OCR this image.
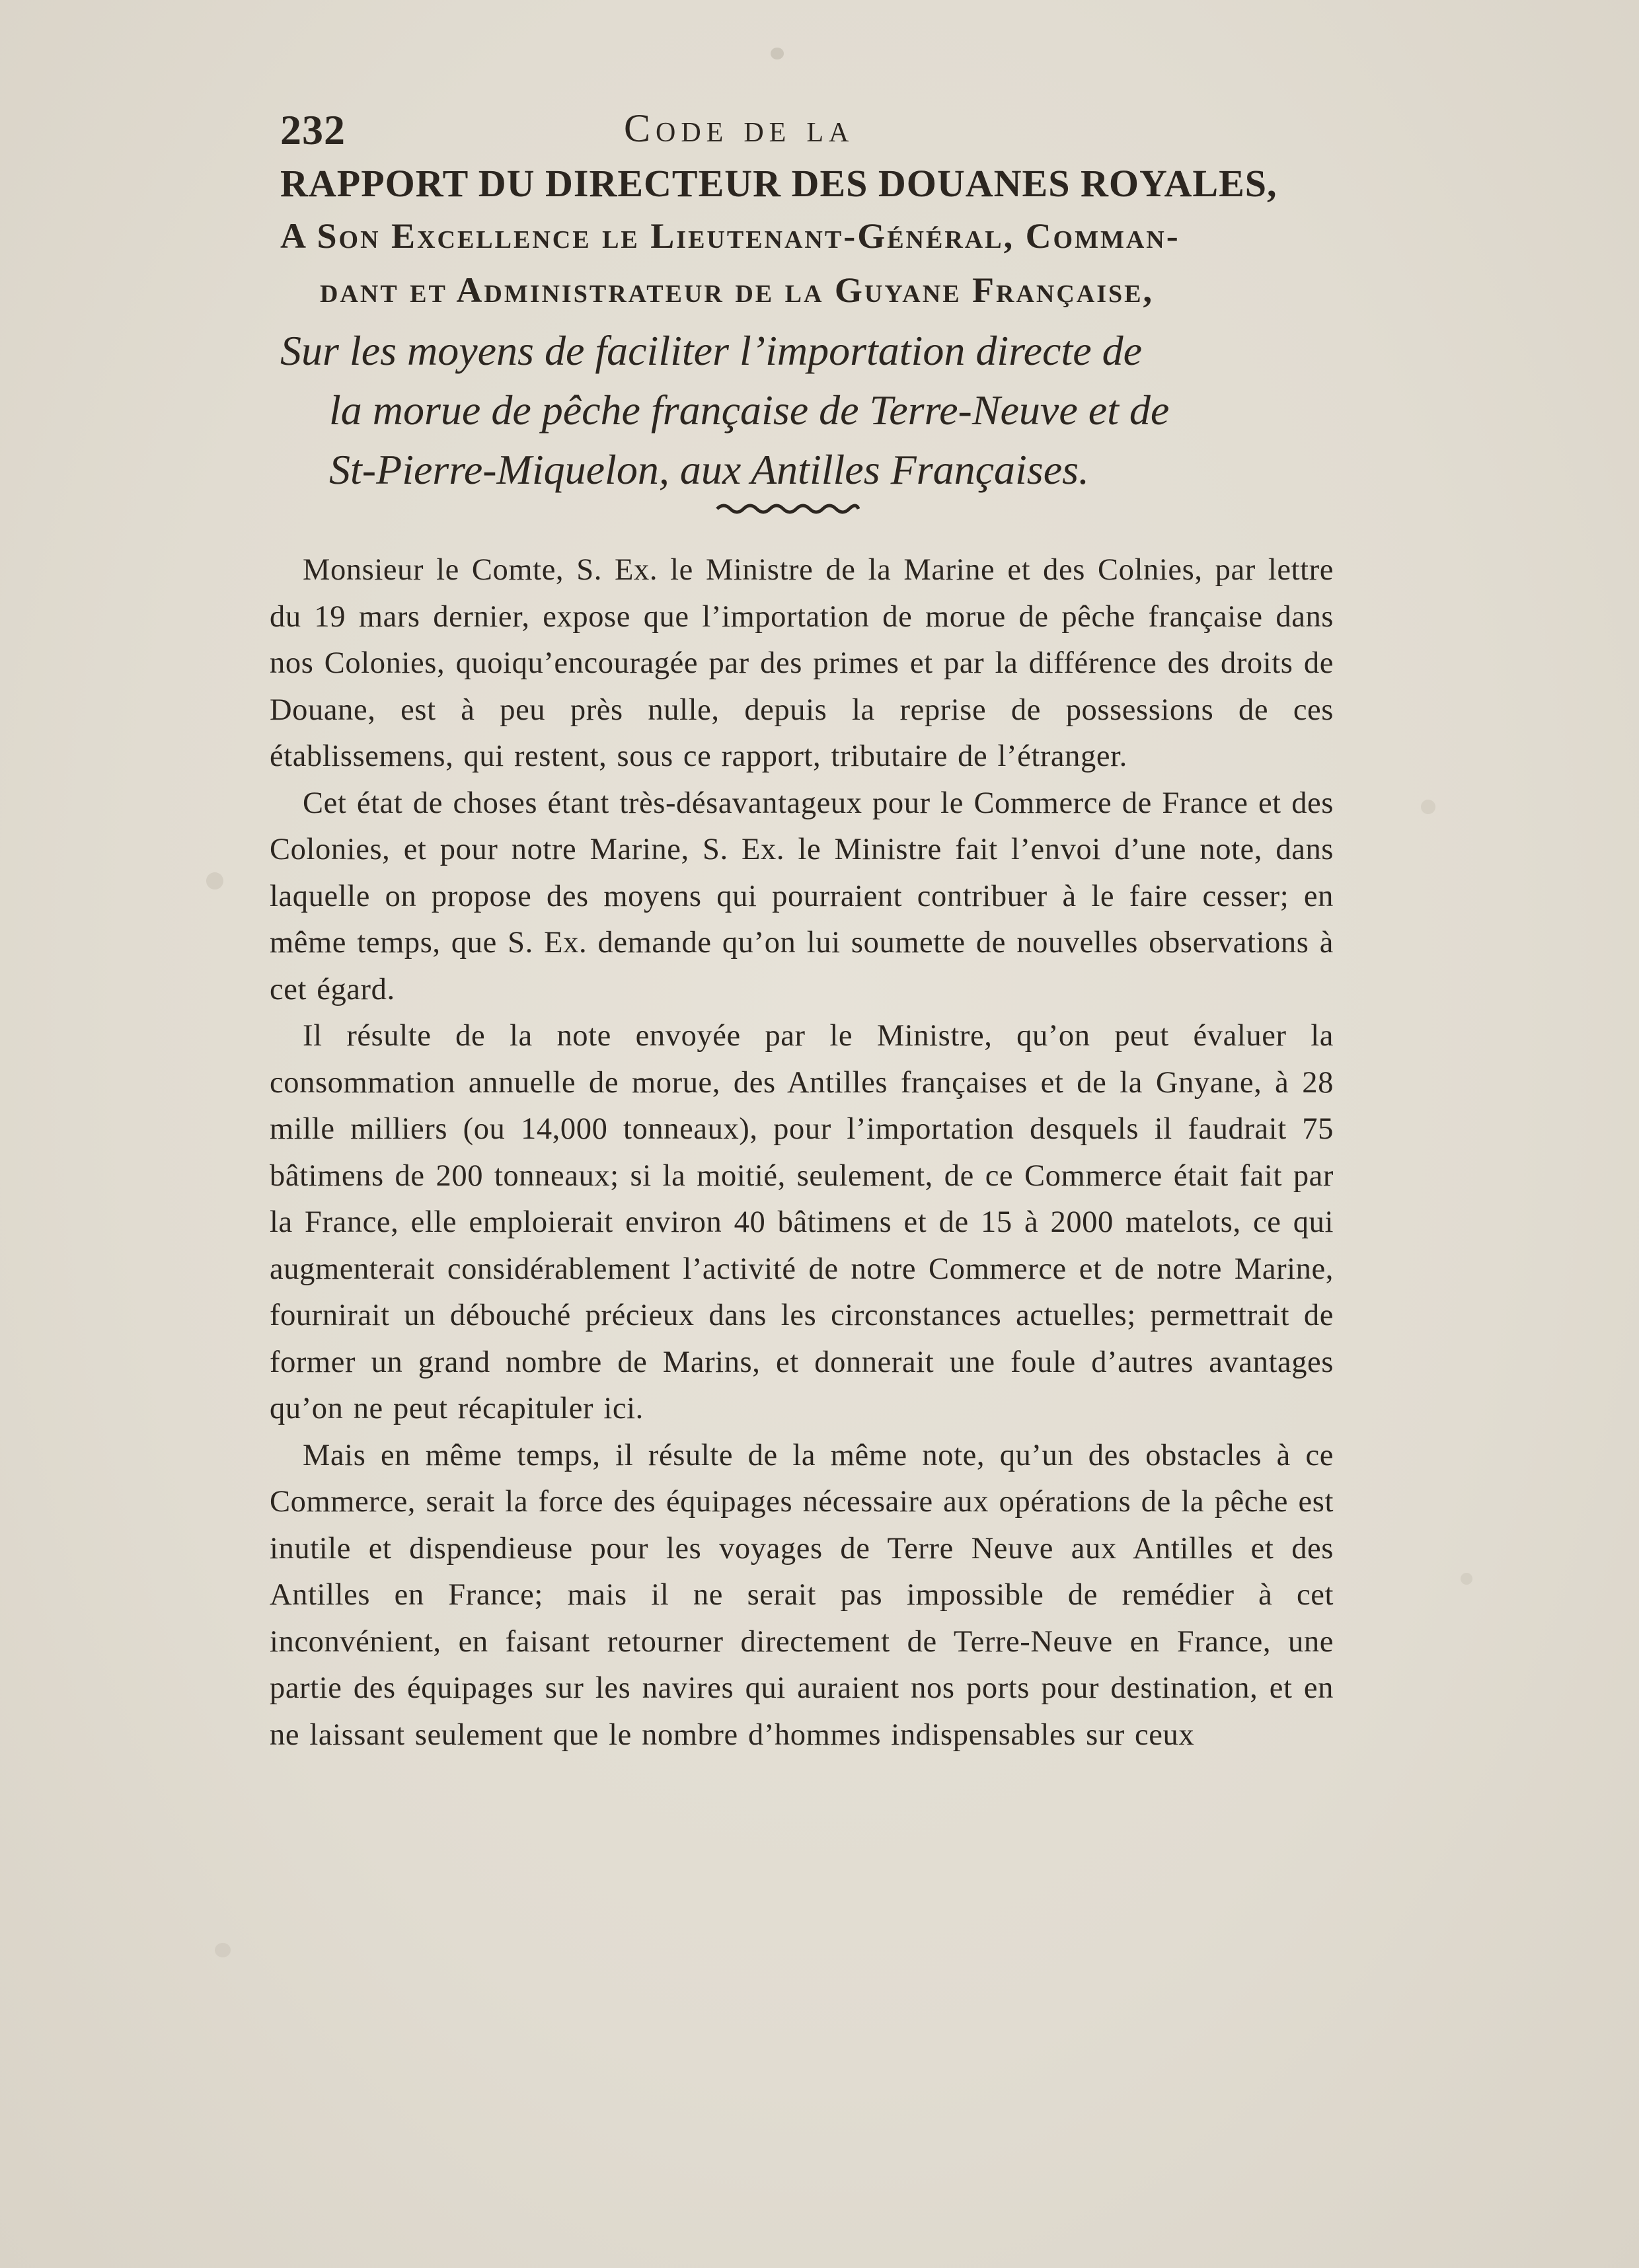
232	Code de la
RAPPORT DU DIRECTEUR DES DOUANES ROYALES,
A Son Excellence le Lieutenant-Général, Comman-
dant et Administrateur de la Guyane Française,
Sur les moyens de faciliter l’importation directe de
la morue de pêche française de Terre-Neuve et de
St-Pierre-Miquelon, aux Antilles Françaises.

Monsieur le Comte, S. Ex. le Ministre de la Marine et des Colnies, par lettre du 19 mars dernier, expose que l’importation de morue de pêche française dans nos Colonies, quoiqu’encouragée par des primes et par la différence des droits de Douane, est à peu près nulle, depuis la reprise de possessions de ces établissemens, qui restent, sous ce rapport, tributaire de l’étranger.

Cet état de choses étant très-désavantageux pour le Commerce de France et des Colonies, et pour notre Marine, S. Ex. le Ministre fait l’envoi d’une note, dans laquelle on propose des moyens qui pourraient contribuer à le faire cesser; en même temps, que S. Ex. demande qu’on lui soumette de nouvelles observations à cet égard.

Il résulte de la note envoyée par le Ministre, qu’on peut évaluer la consommation annuelle de morue, des Antilles françaises et de la Gnyane, à 28 mille milliers (ou 14,000 tonneaux), pour l’importation desquels il faudrait 75 bâtimens de 200 tonneaux; si la moitié, seulement, de ce Commerce était fait par la France, elle emploierait environ 40 bâtimens et de 15 à 2000 matelots, ce qui augmenterait considérablement l’activité de notre Commerce et de notre Marine, fournirait un débouché précieux dans les circonstances actuelles; permettrait de former un grand nombre de Marins, et donnerait une foule d’autres avantages qu’on ne peut récapituler ici.

Mais en même temps, il résulte de la même note, qu’un des obstacles à ce Commerce, serait la force des équipages nécessaire aux opérations de la pêche est inutile et dispendieuse pour les voyages de Terre Neuve aux Antilles et des Antilles en France; mais il ne serait pas impossible de remédier à cet inconvénient, en faisant retourner directement de Terre-Neuve en France, une partie des équipages sur les navires qui auraient nos ports pour destination, et en ne laissant seulement que le nombre d’hommes indispensables sur ceux
